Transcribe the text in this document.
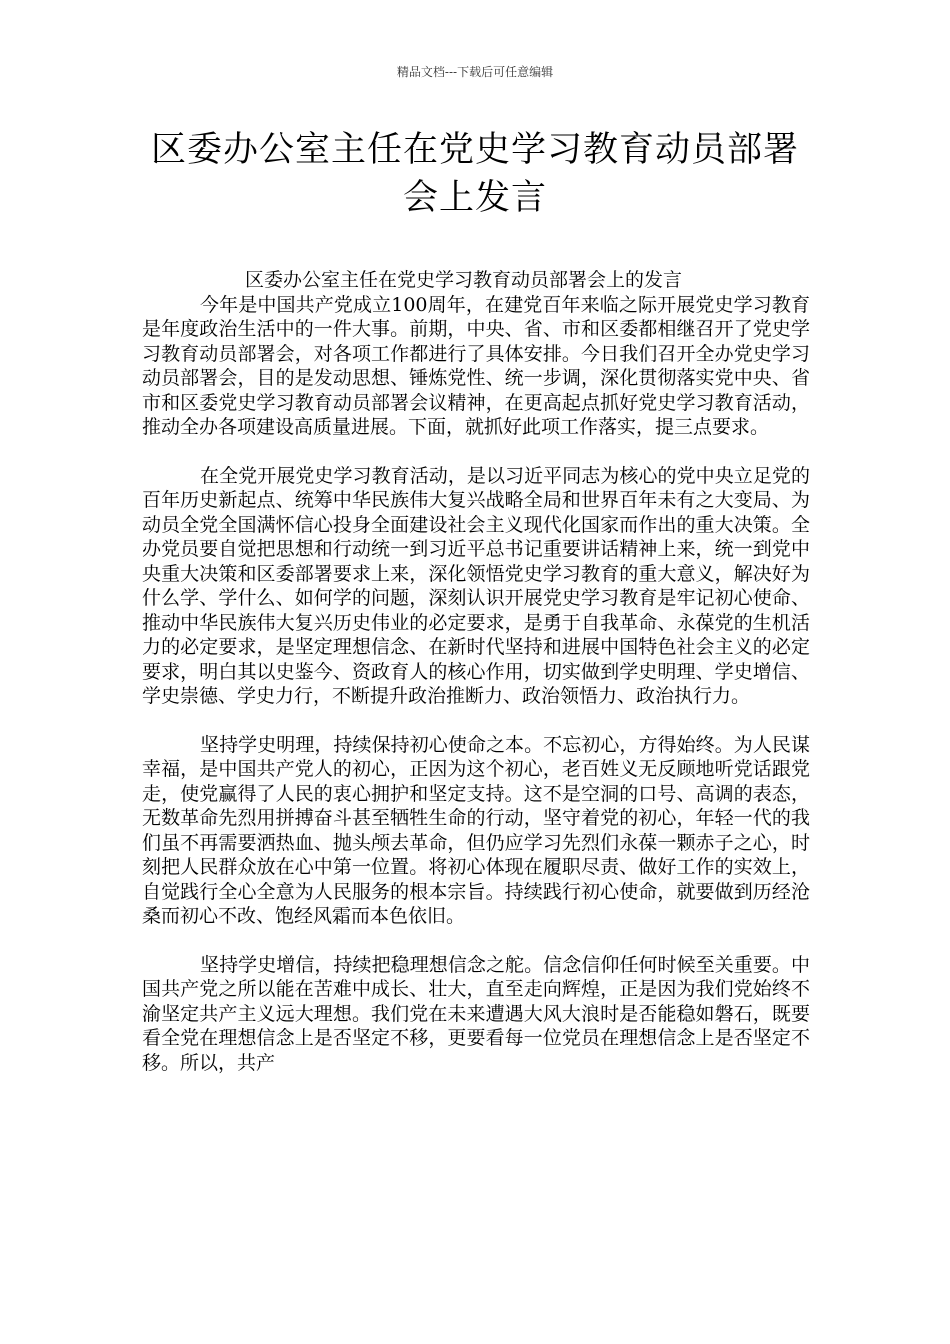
精品文档---下载后可任意编辑
区委办公室主任在党史学习教育动员部署会上发言

区委办公室主任在党史学习教育动员部署会上的发言

今年是中国共产党成立100周年，在建党百年来临之际开展党史学习教育是年度政治生活中的一件大事。前期，中央、省、市和区委都相继召开了党史学习教育动员部署会，对各项工作都进行了具体安排。今日我们召开全办党史学习动员部署会，目的是发动思想、锤炼党性、统一步调，深化贯彻落实党中央、省市和区委党史学习教育动员部署会议精神，在更高起点抓好党史学习教育活动，推动全办各项建设高质量进展。下面，就抓好此项工作落实，提三点要求。

在全党开展党史学习教育活动，是以习近平同志为核心的党中央立足党的百年历史新起点、统筹中华民族伟大复兴战略全局和世界百年未有之大变局、为动员全党全国满怀信心投身全面建设社会主义现代化国家而作出的重大决策。全办党员要自觉把思想和行动统一到习近平总书记重要讲话精神上来，统一到党中央重大决策和区委部署要求上来，深化领悟党史学习教育的重大意义，解决好为什么学、学什么、如何学的问题，深刻认识开展党史学习教育是牢记初心使命、推动中华民族伟大复兴历史伟业的必定要求，是勇于自我革命、永葆党的生机活力的必定要求，是坚定理想信念、在新时代坚持和进展中国特色社会主义的必定要求，明白其以史鉴今、资政育人的核心作用，切实做到学史明理、学史增信、学史崇德、学史力行，不断提升政治推断力、政治领悟力、政治执行力。

坚持学史明理，持续保持初心使命之本。不忘初心，方得始终。为人民谋幸福，是中国共产党人的初心，正因为这个初心，老百姓义无反顾地听党话跟党走，使党赢得了人民的衷心拥护和坚定支持。这不是空洞的口号、高调的表态，无数革命先烈用拼搏奋斗甚至牺牲生命的行动，坚守着党的初心，年轻一代的我们虽不再需要洒热血、抛头颅去革命，但仍应学习先烈们永葆一颗赤子之心，时刻把人民群众放在心中第一位置。将初心体现在履职尽责、做好工作的实效上，自觉践行全心全意为人民服务的根本宗旨。持续践行初心使命，就要做到历经沧桑而初心不改、饱经风霜而本色依旧。

坚持学史增信，持续把稳理想信念之舵。信念信仰任何时候至关重要。中国共产党之所以能在苦难中成长、壮大，直至走向辉煌，正是因为我们党始终不渝坚定共产主义远大理想。我们党在未来遭遇大风大浪时是否能稳如磐石，既要看全党在理想信念上是否坚定不移，更要看每一位党员在理想信念上是否坚定不移。所以，共产
